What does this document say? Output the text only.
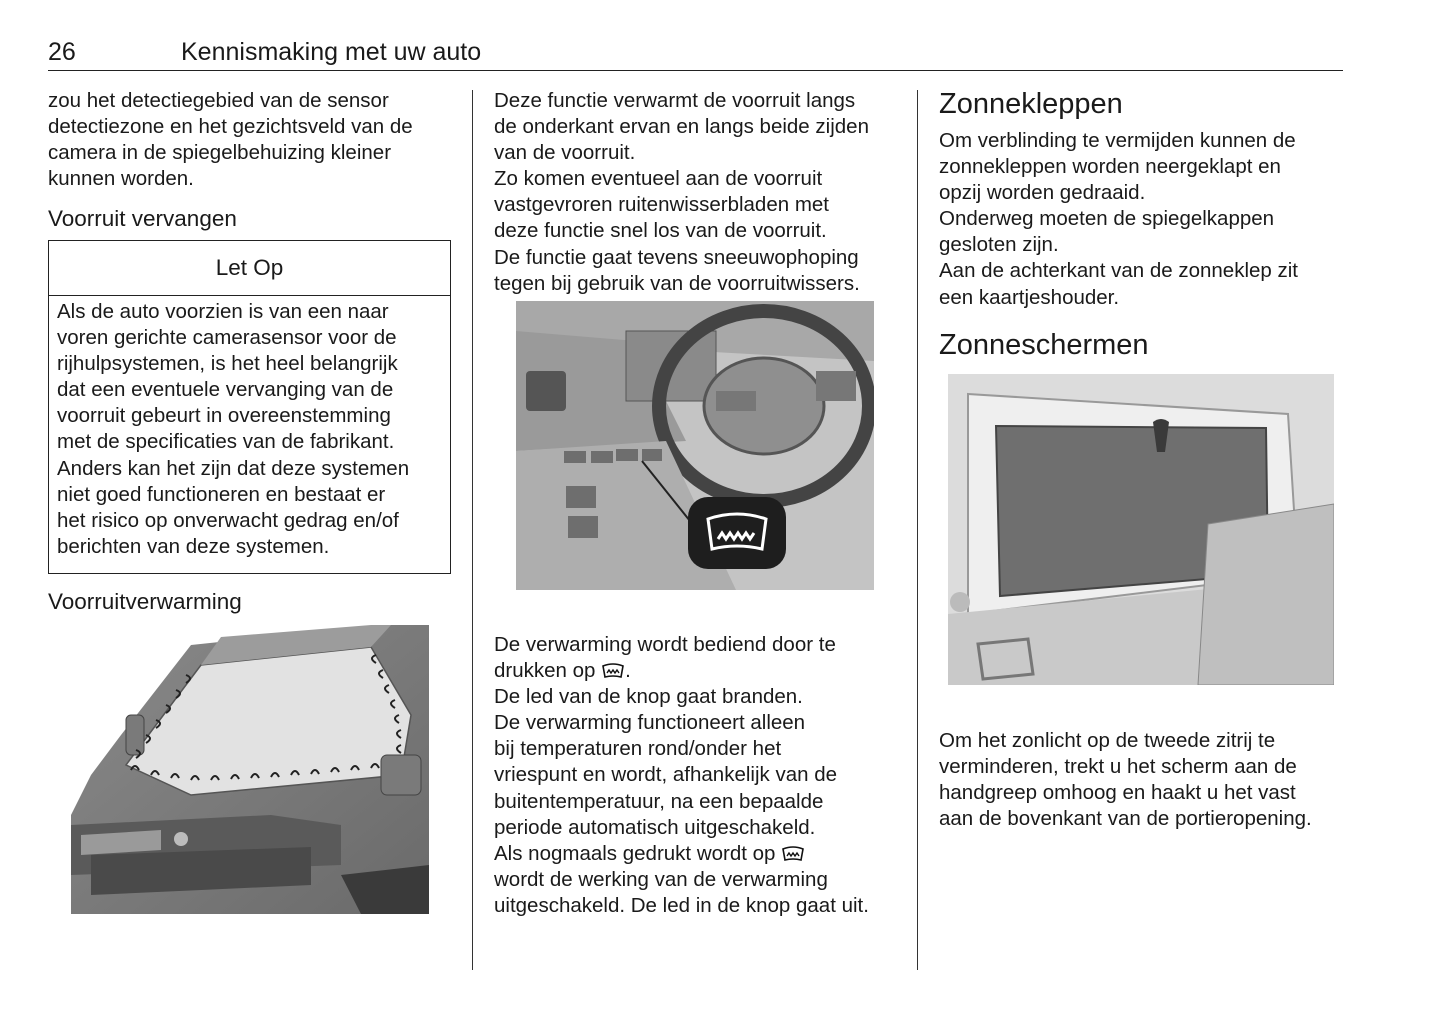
26	Kennismaking met uw auto

zou het detectiegebied van de sensor

detectiezone en het gezichtsveld van de

camera in de spiegelbehuizing kleiner

kunnen worden.

Voorruit vervangen
Let Op
Als de auto voorzien is van een naar
voren gerichte camerasensor voor de
rijhulpsystemen, is het heel belangrijk
dat een eventuele vervanging van de
voorruit gebeurt in overeenstemming
met de specificaties van de fabrikant.
Anders kan het zijn dat deze systemen
niet goed functioneren en bestaat er
het risico op onverwacht gedrag en/of
berichten van deze systemen.
Voorruitverwarming

Deze functie verwarmt de voorruit langs

de onderkant ervan en langs beide zijden

van de voorruit.

Zo komen eventueel aan de voorruit

vastgevroren ruitenwisserbladen met

deze functie snel los van de voorruit.

De functie gaat tevens sneeuwophoping

tegen bij gebruik van de voorruitwissers.

De verwarming wordt bediend door te

drukken op .

De led van de knop gaat branden.

De verwarming functioneert alleen

bij temperaturen rond/onder het

vriespunt en wordt, afhankelijk van de

buitentemperatuur, na een bepaalde

periode automatisch uitgeschakeld.

Als nogmaals gedrukt wordt op

wordt de werking van de verwarming

uitgeschakeld. De led in de knop gaat uit.

Zonnekleppen

Om verblinding te vermijden kunnen de

zonnekleppen worden neergeklapt en

opzij worden gedraaid.

Onderweg moeten de spiegelkappen

gesloten zijn.

Aan de achterkant van de zonneklep zit

een kaartjeshouder.

Zonneschermen

Om het zonlicht op de tweede zitrij te

verminderen, trekt u het scherm aan de

handgreep omhoog en haakt u het vast

aan de bovenkant van de portieropening.
